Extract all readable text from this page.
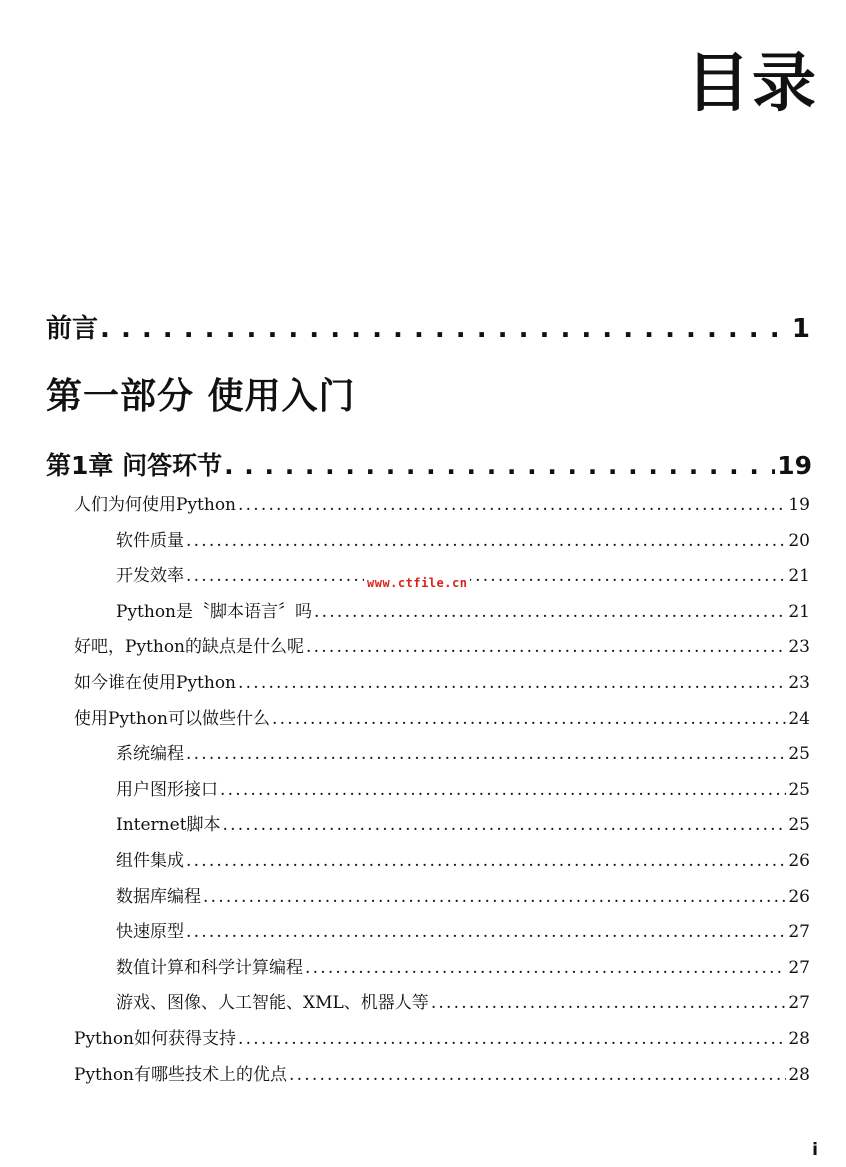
目录
前言 . . .	1
第一部分 使用入门
第1章 问答环节 . . .	19
人们为何使用Python . . .	19
软件质量 . . .	20
开发效率 . . .	21
Python是〝脚本语言〞吗 . . .	21
好吧，Python的缺点是什么呢 . . .	23
如今谁在使用Python . . .	23
使用Python可以做些什么 . . .	24
系统编程 . . .	25
用户图形接口 . . .	25
Internet脚本 . . .	25
组件集成 . . .	26
数据库编程 . . .	26
快速原型 . . .	27
数值计算和科学计算编程 . . .	27
游戏、图像、人工智能、XML、机器人等 . . .	27
Python如何获得支持 . . .	28
Python有哪些技术上的优点 . . .	28
www.ctfile.cn
i
